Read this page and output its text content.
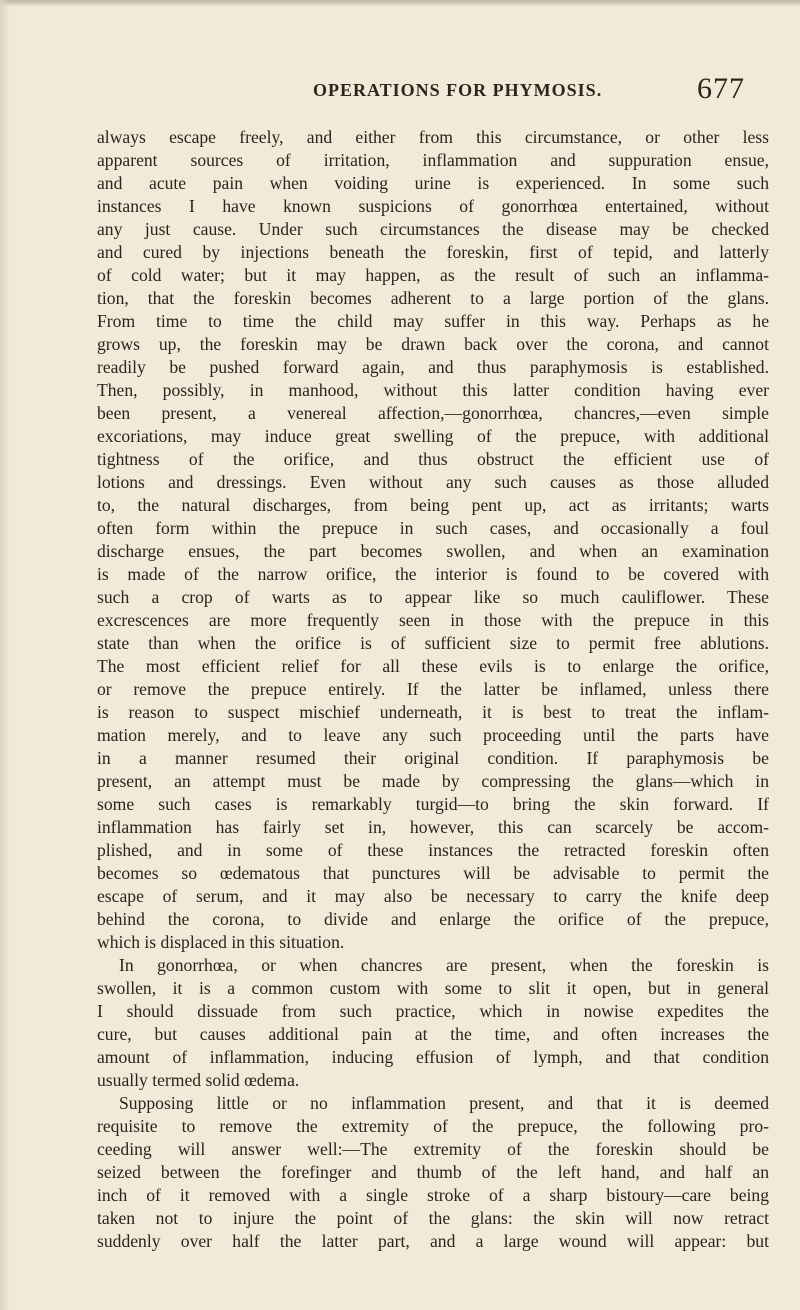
OPERATIONS FOR PHYMOSIS.	677
always escape freely, and either from this circumstance, or other less
apparent sources of irritation, inflammation and suppuration ensue,
and acute pain when voiding urine is experienced. In some such
instances I have known suspicions of gonorrhœa entertained, without
any just cause. Under such circumstances the disease may be checked
and cured by injections beneath the foreskin, first of tepid, and latterly
of cold water; but it may happen, as the result of such an inflamma-
tion, that the foreskin becomes adherent to a large portion of the glans.
From time to time the child may suffer in this way. Perhaps as he
grows up, the foreskin may be drawn back over the corona, and cannot
readily be pushed forward again, and thus paraphymosis is established.
Then, possibly, in manhood, without this latter condition having ever
been present, a venereal affection,—gonorrhœa, chancres,—even simple
excoriations, may induce great swelling of the prepuce, with additional
tightness of the orifice, and thus obstruct the efficient use of
lotions and dressings. Even without any such causes as those alluded
to, the natural discharges, from being pent up, act as irritants; warts
often form within the prepuce in such cases, and occasionally a foul
discharge ensues, the part becomes swollen, and when an examination
is made of the narrow orifice, the interior is found to be covered with
such a crop of warts as to appear like so much cauliflower. These
excrescences are more frequently seen in those with the prepuce in this
state than when the orifice is of sufficient size to permit free ablutions.
The most efficient relief for all these evils is to enlarge the orifice,
or remove the prepuce entirely. If the latter be inflamed, unless there
is reason to suspect mischief underneath, it is best to treat the inflam-
mation merely, and to leave any such proceeding until the parts have
in a manner resumed their original condition. If paraphymosis be
present, an attempt must be made by compressing the glans—which in
some such cases is remarkably turgid—to bring the skin forward. If
inflammation has fairly set in, however, this can scarcely be accom-
plished, and in some of these instances the retracted foreskin often
becomes so œdematous that punctures will be advisable to permit the
escape of serum, and it may also be necessary to carry the knife deep
behind the corona, to divide and enlarge the orifice of the prepuce,
which is displaced in this situation.
In gonorrhœa, or when chancres are present, when the foreskin is
swollen, it is a common custom with some to slit it open, but in general
I should dissuade from such practice, which in nowise expedites the
cure, but causes additional pain at the time, and often increases the
amount of inflammation, inducing effusion of lymph, and that condition
usually termed solid œdema.
Supposing little or no inflammation present, and that it is deemed
requisite to remove the extremity of the prepuce, the following pro-
ceeding will answer well:—The extremity of the foreskin should be
seized between the forefinger and thumb of the left hand, and half an
inch of it removed with a single stroke of a sharp bistoury—care being
taken not to injure the point of the glans: the skin will now retract
suddenly over half the latter part, and a large wound will appear: but
